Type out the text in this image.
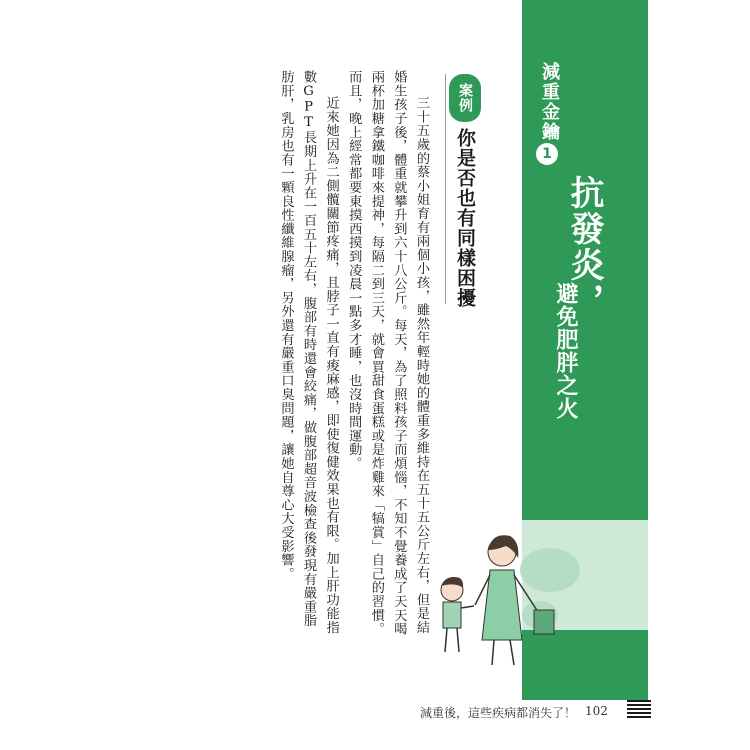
減重金鑰
1
抗發炎，
避免肥胖之火
案例
你是否也有同樣困擾

三十五歲的蔡小姐育有兩個小孩，雖然年輕時她的體重多維持在五十五公斤左右，但是結婚生孩子後，體重就攀升到六十八公斤。每天，為了照料孩子而煩惱，不知不覺養成了天天喝兩杯加糖拿鐵咖啡來提神，每隔二到三天，就會買甜食蛋糕或是炸雞來「犒賞」自己的習慣。而且，晚上經常都要東摸西摸到凌晨一點多才睡，也沒時間運動。

近來她因為二側髖關節疼痛，且脖子一直有痠麻感，即使復健效果也有限。加上肝功能指數GPT長期上升在一百五十左右，腹部有時還會絞痛，做腹部超音波檢查後發現有嚴重脂肪肝，乳房也有一顆良性纖維腺瘤，另外還有嚴重口臭問題，讓她自尊心大受影響。

減重後，這些疾病都消失了！ 102
